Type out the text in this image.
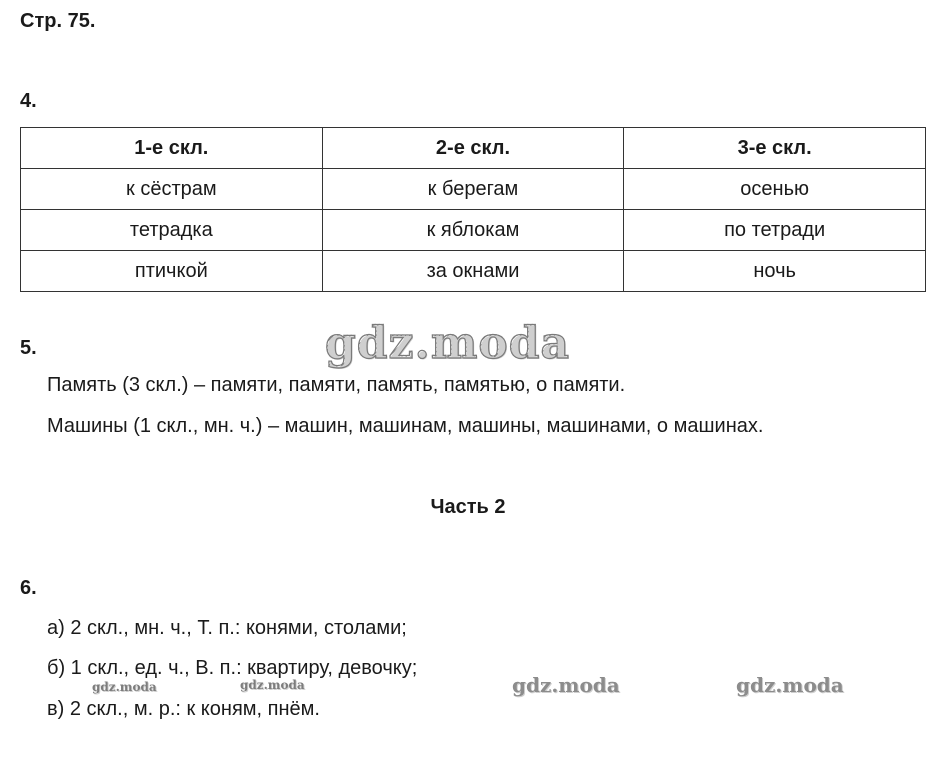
Стр. 75.
4.
1-е скл.	2-е скл.	3-е скл.
к сёстрам	к берегам	осенью
тетрадка	к яблокам	по тетради
птичкой	за окнами	ночь
5.	gdz.moda
Память (3 скл.) – памяти, памяти, память, памятью, о памяти.
Машины (1 скл., мн. ч.) – машин, машинам, машины, машинами, о машинах.
Часть 2
6.
а) 2 скл., мн. ч., Т. п.: конями, столами;
б) 1 скл., ед. ч., В. п.: квартиру, девочку;
в) 2 скл., м. р.: к коням, пнём.
gdz.moda	gdz.moda	gdz.moda	gdz.moda
